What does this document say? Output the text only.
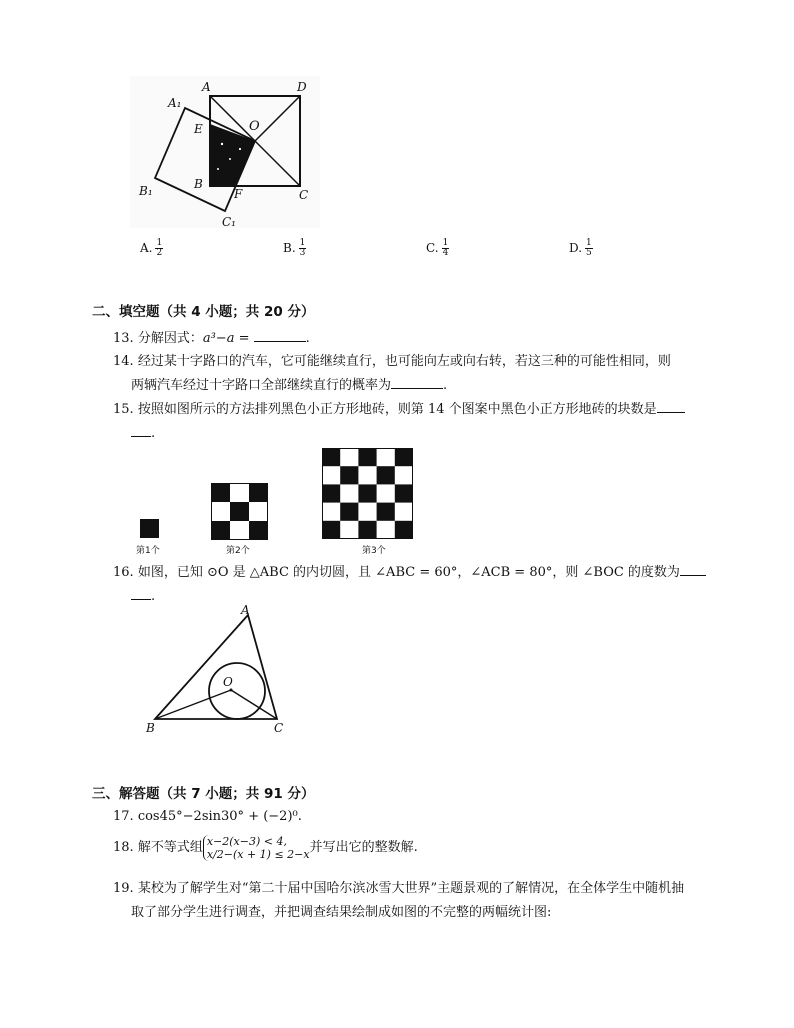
A	D
A₁
E	O
B
C
B₁	F
C₁
A. $\frac{1}{2}$	B. $\frac{1}{3}$	C. $\frac{1}{4}$	D. $\frac{1}{5}$
二、填空题（共 4 小题；共 20 分）
13. 分解因式：a³−a =	.
14. 经过某十字路口的汽车，它可能继续直行，也可能向左或向右转，若这三种的可能性相同，则
两辆汽车经过十字路口全部继续直行的概率为	.
15. 按照如图所示的方法排列黑色小正方形地砖，则第 14 个图案中黑色小正方形地砖的块数是
.
第1个	第2个	第3个
16. 如图，已知 ⊙O 是 △ABC 的内切圆，且 ∠ABC = 60°，∠ACB = 80°，则 ∠BOC 的度数为
.
A
O
B	C
三、解答题（共 7 小题；共 91 分）
17. cos45°−2sin30° + (−2)⁰.
18. 解不等式组 x−2(x−3) < 4,
x/2−(x + 1) ≤ 2−x 并写出它的整数解.
19. 某校为了解学生对“第二十届中国哈尔滨冰雪大世界”主题景观的了解情况，在全体学生中随机抽
取了部分学生进行调查，并把调查结果绘制成如图的不完整的两幅统计图:
